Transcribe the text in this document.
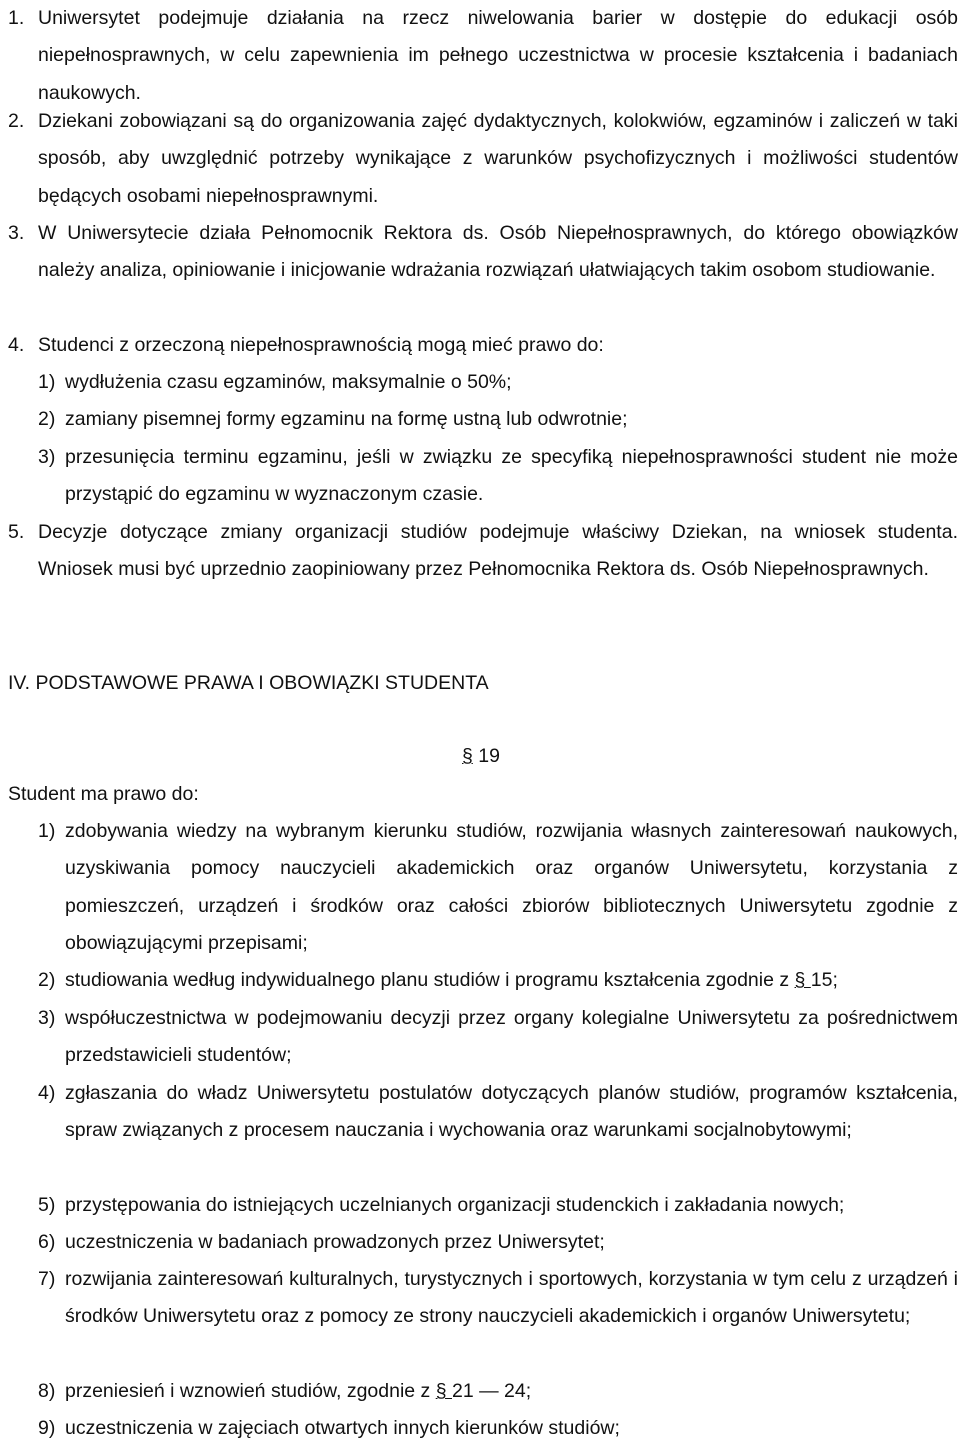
1. Uniwersytet podejmuje działania na rzecz niwelowania barier w dostępie do edukacji osób niepełnosprawnych, w celu zapewnienia im pełnego uczestnictwa w procesie kształcenia i badaniach naukowych.
2. Dziekani zobowiązani są do organizowania zajęć dydaktycznych, kolokwiów, egzaminów i zaliczeń w taki sposób, aby uwzględnić potrzeby wynikające z warunków psychofizycznych i możliwości studentów będących osobami niepełnosprawnymi.
3. W Uniwersytecie działa Pełnomocnik Rektora ds. Osób Niepełnosprawnych, do którego obowiązków należy analiza, opiniowanie i inicjowanie wdrażania rozwiązań ułatwiających takim osobom studiowanie.
4. Studenci z orzeczoną niepełnosprawnością mogą mieć prawo do:
1) wydłużenia czasu egzaminów, maksymalnie o 50%;
2) zamiany pisemnej formy egzaminu na formę ustną lub odwrotnie;
3) przesunięcia terminu egzaminu, jeśli w związku ze specyfiką niepełnosprawności student nie może przystąpić do egzaminu w wyznaczonym czasie.
5. Decyzje dotyczące zmiany organizacji studiów podejmuje właściwy Dziekan, na wniosek studenta. Wniosek musi być uprzednio zaopiniowany przez Pełnomocnika Rektora ds. Osób Niepełnosprawnych.
IV. PODSTAWOWE PRAWA I OBOWIĄZKI STUDENTA
§ 19
Student ma prawo do:
1) zdobywania wiedzy na wybranym kierunku studiów, rozwijania własnych zainteresowań naukowych, uzyskiwania pomocy nauczycieli akademickich oraz organów Uniwersytetu, korzystania z pomieszczeń, urządzeń i środków oraz całości zbiorów bibliotecznych Uniwersytetu zgodnie z obowiązującymi przepisami;
2) studiowania według indywidualnego planu studiów i programu kształcenia zgodnie z § 15;
3) współuczestnictwa w podejmowaniu decyzji przez organy kolegialne Uniwersytetu za pośrednictwem przedstawicieli studentów;
4) zgłaszania do władz Uniwersytetu postulatów dotyczących planów studiów, programów kształcenia, spraw związanych z procesem nauczania i wychowania oraz warunkami socjalnobytowymi;
5) przystępowania do istniejących uczelnianych organizacji studenckich i zakładania nowych;
6) uczestniczenia w badaniach prowadzonych przez Uniwersytet;
7) rozwijania zainteresowań kulturalnych, turystycznych i sportowych, korzystania w tym celu z urządzeń i środków Uniwersytetu oraz z pomocy ze strony nauczycieli akademickich i organów Uniwersytetu;
8) przeniesień i wznowień studiów, zgodnie z § 21 — 24;
9) uczestniczenia w zajęciach otwartych innych kierunków studiów;
